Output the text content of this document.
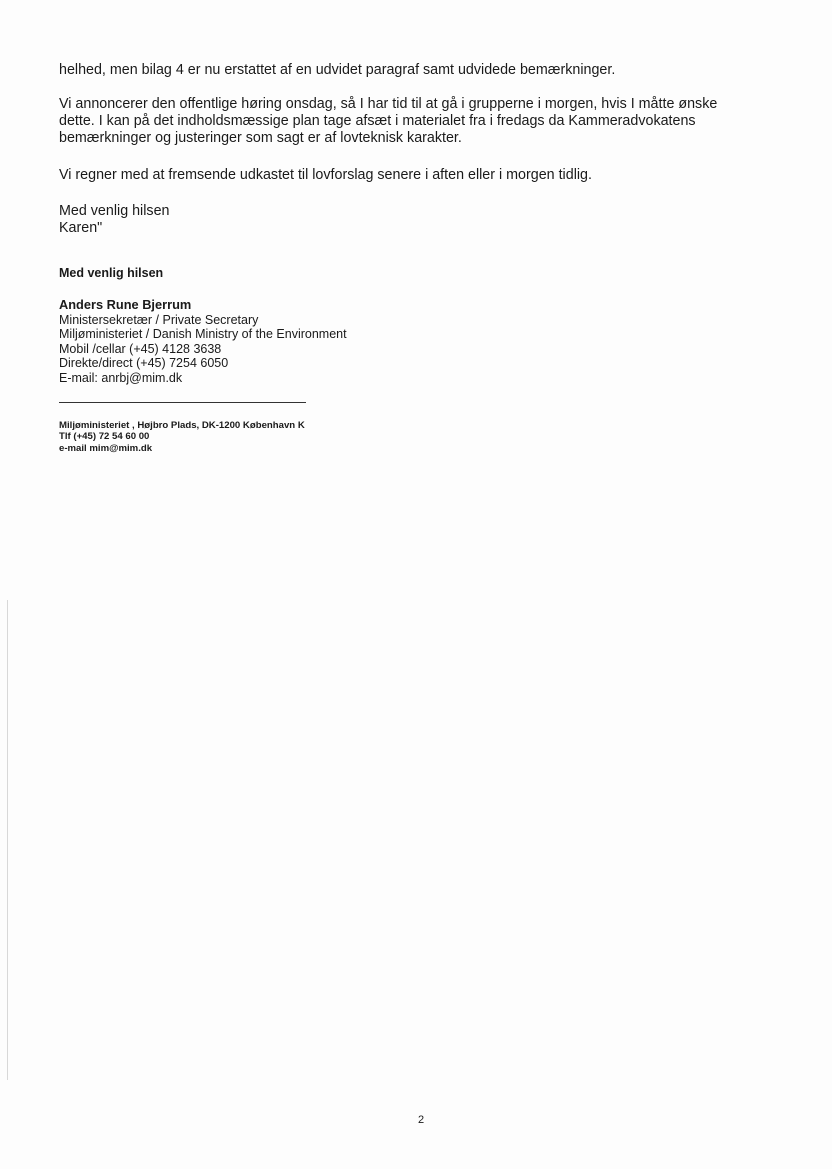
helhed, men bilag 4 er nu erstattet af en udvidet paragraf samt udvidede bemærkninger.

Vi annoncerer den offentlige høring onsdag, så I har tid til at gå i grupperne i morgen, hvis I måtte ønske
dette. I kan på det indholdsmæssige plan tage afsæt i materialet fra i fredags da Kammeradvokatens
bemærkninger og justeringer som sagt er af lovteknisk karakter.

Vi regner med at fremsende udkastet til lovforslag senere i aften eller i morgen tidlig.

Med venlig hilsen
Karen"

Med venlig hilsen
Anders Rune Bjerrum
Ministersekretær / Private Secretary
Miljøministeriet / Danish Ministry of the Environment
Mobil /cellar (+45) 4128 3638
Direkte/direct (+45) 7254 6050
E-mail: anrbj@mim.dk
Miljøministeriet , Højbro Plads, DK-1200 København K
Tlf (+45) 72 54 60 00
e-mail mim@mim.dk
2
